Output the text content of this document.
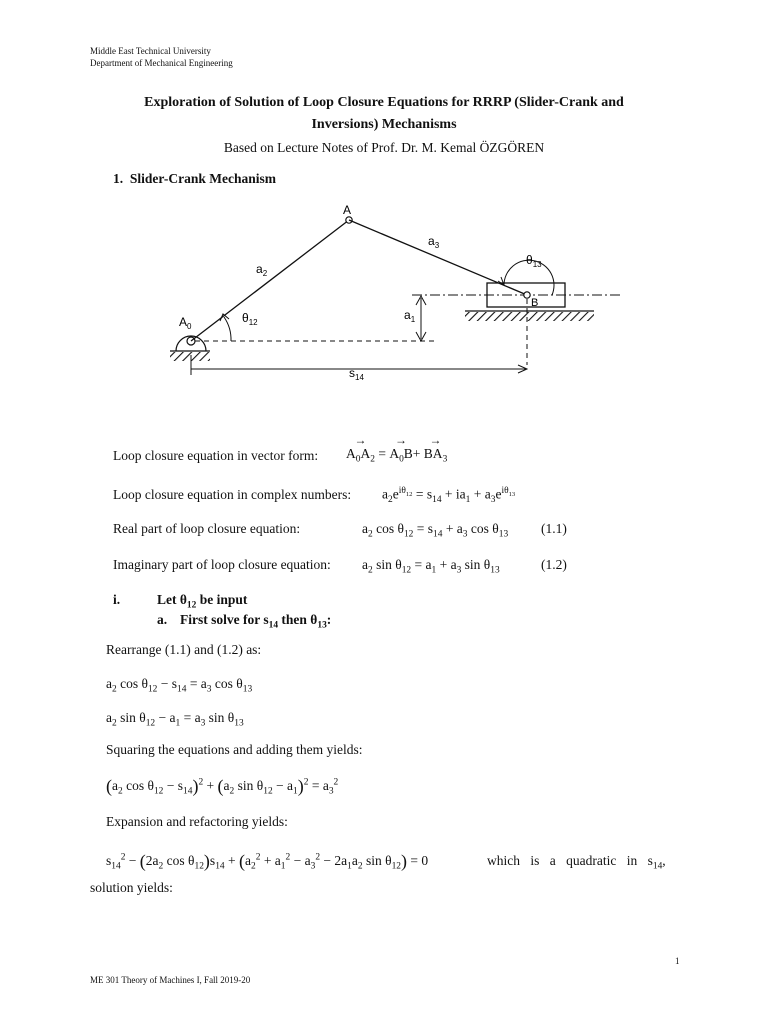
Middle East Technical University
Department of Mechanical Engineering
Exploration of Solution of Loop Closure Equations for RRRP (Slider-Crank and
Inversions) Mechanisms
Based on Lecture Notes of Prof. Dr. M. Kemal ÖZGÖREN
1.  Slider-Crank Mechanism
A
$A_0$
B
$a_2$
$a_3$
$a_1$
$\theta_{12}$
$\theta_{13}$
$s_{14}$
Loop closure equation in vector form:
→ $A_0A_2$ = → $A_0B+ \to BA_3$
Loop closure equation in complex numbers: $a_2e^{i\theta_{12}} = s_{14} + ia_1 + a_3e^{i\theta_{13}}$
Real part of loop closure equation:	$a_2$ $\cos \theta_{12} = s_{14} + a_3$ $\cos \theta_{13}$ (1.1)
Imaginary part of loop closure equation: $a_2$ $\sin \theta_{12} = a_1 + a_3$ $\sin \theta_{13}$	(1.2)
i.	Let $\theta_{12}$ be input
a. First solve for $s_{14}$ then $\theta_{13}$:
Rearrange (1.1) and (1.2) as:
$a_2$ $\cos \theta_{12} - s_{14} = a_3$ $\cos \theta_{13}$
$a_2$ $\sin \theta_{12} - a_1 = a_3$ $\sin \theta_{13}$
Squaring the equations and adding them yields:
($a_2$ $\cos \theta_{12} - s_{14})^2 + (a_2$ $\sin \theta_{12} - a_1)^2 = a_3^2$
Expansion and refactoring yields:
$s_{14}^2 - (2a_2$ $\cos \theta_{12})s_{14} + (a_2^2 + a_1^2 - a_3^2 - 2a_1a_2$ $\sin \theta_{12}) = 0$	which is a quadratic in $s_{14}$,
solution yields:
1
ME 301 Theory of Machines I, Fall 2019-20
